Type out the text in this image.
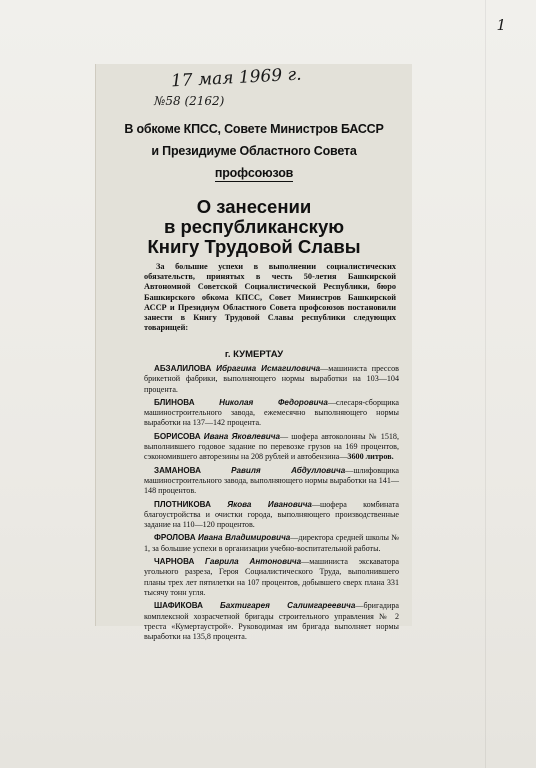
1
17 мая 1969 г.
№58 (2162)
В обкоме КПСС, Совете Министров БАССР
и Президиуме Областного Совета
профсоюзов
О занесении
в республиканскую
Книгу Трудовой Славы
За большие успехи в выполнении социалистических обязательств, принятых в честь 50-летия Башкирской Автономной Советской Социалистической Республики, бюро Башкирского обкома КПСС, Совет Министров Башкирской АССР и Президиум Областного Совета профсоюзов постановили занести в Книгу Трудовой Славы республики следующих товарищей:
г. КУМЕРТАУ
АБЗАЛИЛОВА Ибрагима Исмагиловича—машиниста прессов брикетной фабрики, выполняющего нормы выработки на 103—104 процента.
БЛИНОВА	Николая Федоровича—слесаря-сборщика машиностроительного завода, ежемесячно выполняющего нормы выработки на 137—142 процента.
БОРИСОВА Ивана Яковлевича— шофера автоколонны № 1518, выполнившего годовое задание по перевозке грузов на 169 процентов, сэкономившего авторезины на 208 рублей и автобензина—3600 литров.
ЗАМАНОВА	Равиля Абдулловича—шлифовщика машиностроительного завода, выполняющего нормы выработки на 141—148 процентов.
ПЛОТНИКОВА Якова Ивановича—шофера комбината благоустройства и очистки города, выполняющего производственные задание на 110—120 процентов.
ФРОЛОВА Ивана Владимировича—директора средней школы № 1, за большие успехи в организации учебно-воспитательной работы.
ЧАРНОВА Гаврила Антоновича—машиниста экскаватора угольного разреза, Героя Социалистического Труда, выполнившего планы трех лет пятилетки на 107 процентов, добывшего сверх плана 331 тысячу тонн угля.
ШАФИКОВА Бахтигарея Салимгареевича—бригадира комплексной хозрасчетной бригады строительного управления № 2 треста «Кумертаустрой». Руководимая им бригада выполняет нормы выработки на 135,8 процента.
